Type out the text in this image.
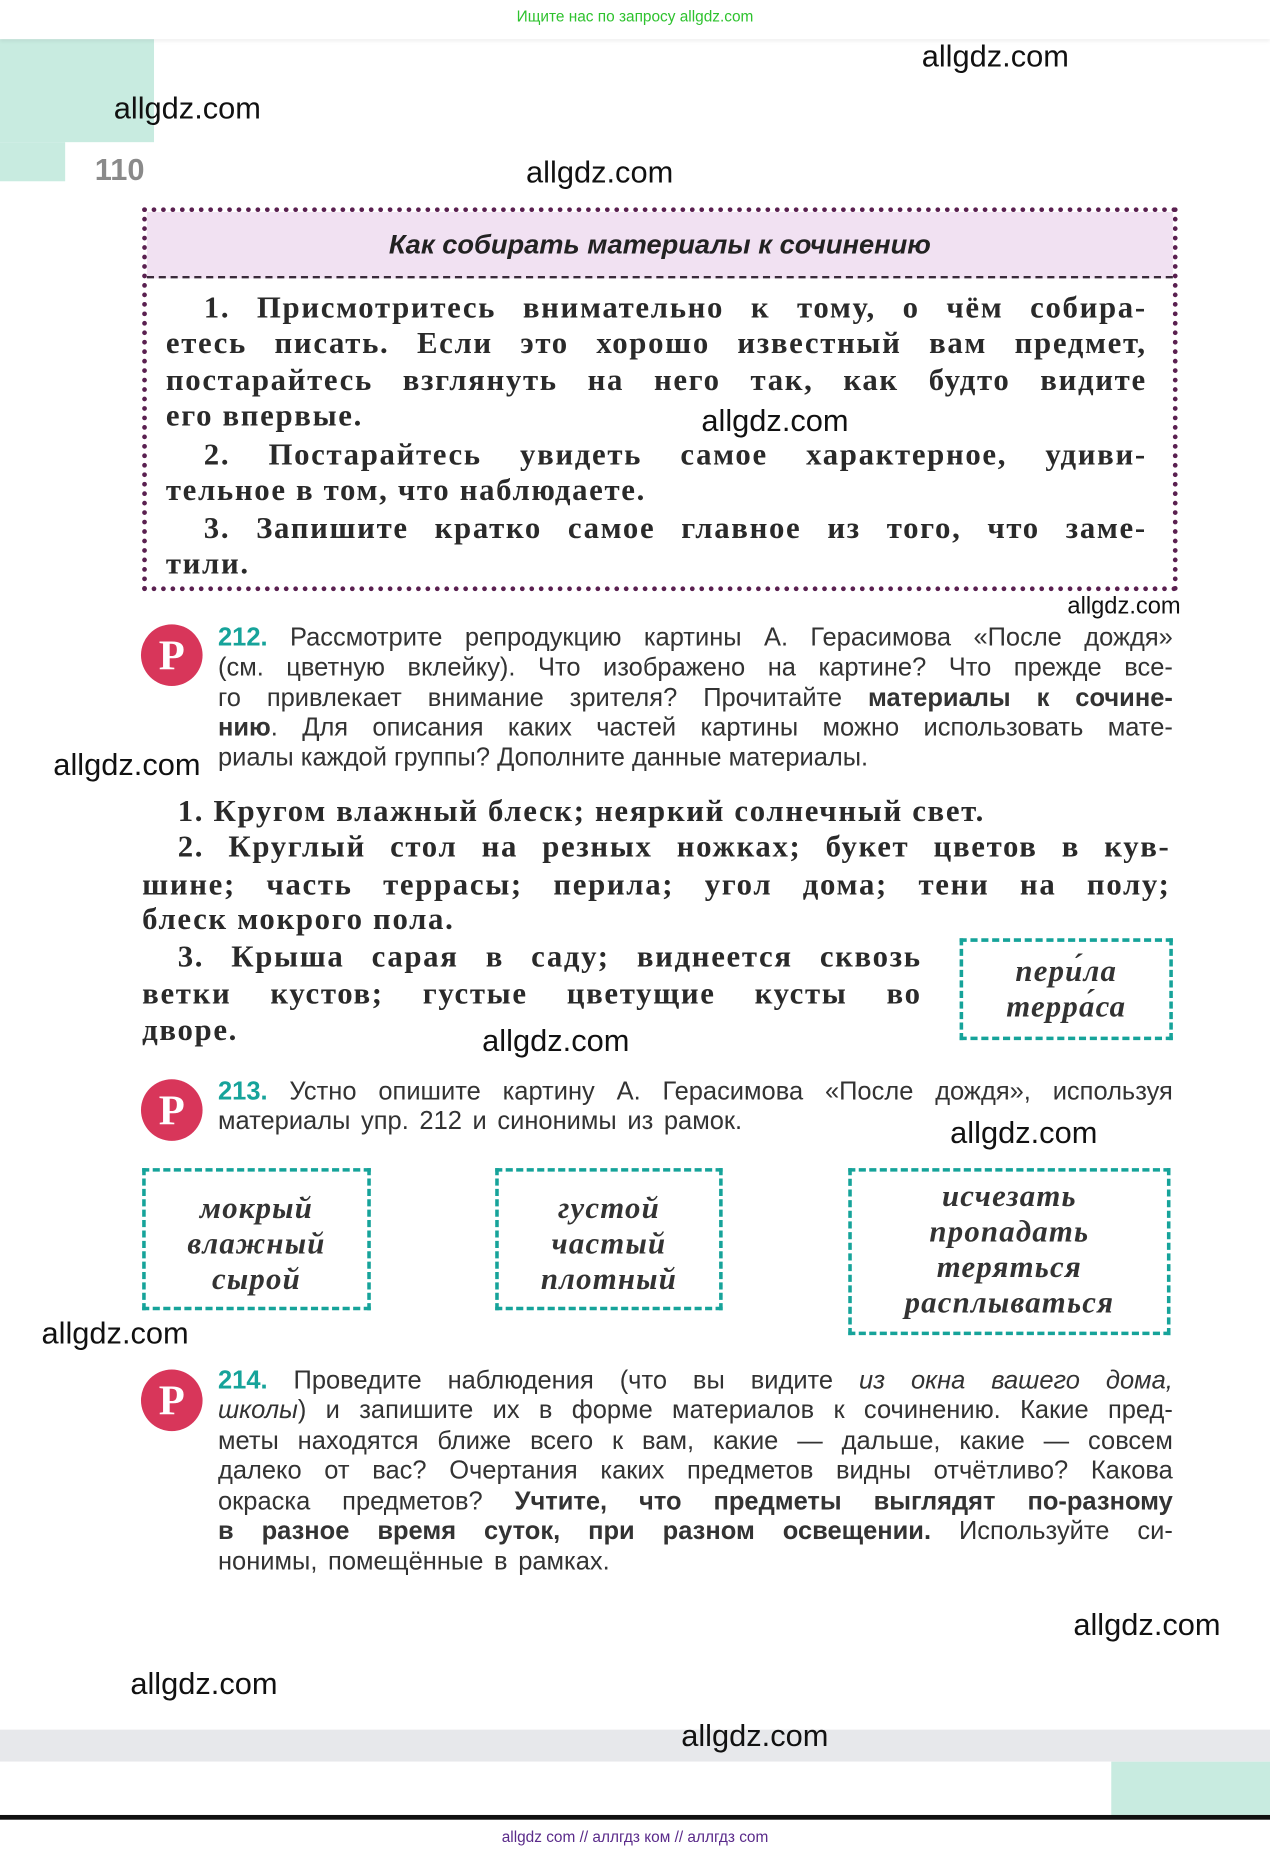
Ищите нас по запросу allgdz.com
110
Как собирать материалы к сочинению
1. Присмотритесь внимательно к тому, о чём собира-
етесь писать. Если это хорошо известный вам предмет,
постарайтесь взглянуть на него так, как будто видите
его впервые.
2. Постарайтесь увидеть самое характерное, удиви-
тельное в том, что наблюдаете.
3. Запишите кратко самое главное из того, что заме-
тили.
Р	212. Рассмотрите репродукцию картины А. Герасимова «После дождя»
(см. цветную вклейку). Что изображено на картине? Что прежде все-
го привлекает внимание зрителя? Прочитайте материалы к сочине-
нию. Для описания каких частей картины можно использовать мате-
риалы каждой группы? Дополните данные материалы.
1. Кругом влажный блеск; неяркий солнечный свет.
2. Круглый стол на резных ножках; букет цветов в кув-
шине; часть террасы; перила; угол дома; тени на полу;
блеск мокрого пола.
3. Крыша сарая в саду; виднеется сквозь
ветки кустов; густые цветущие кусты во
дворе.
пери́ла
терра́са
Р	213. Устно опишите картину А. Герасимова «После дождя», используя
материалы упр. 212 и синонимы из рамок.
мокрый
влажный
сырой
густой
частый
плотный
исчезать
пропадать
теряться
расплываться
Р	214. Проведите наблюдения (что вы видите из окна вашего дома,
школы) и запишите их в форме материалов к сочинению. Какие пред-
меты находятся ближе всего к вам, какие — дальше, какие — совсем
далеко от вас? Очертания каких предметов видны отчётливо? Какова
окраска предметов? Учтите, что предметы выглядят по-разному
в разное время суток, при разном освещении. Используйте си-
нонимы, помещённые в рамках.
allgdz com // аллгдз ком // аллгдз com
allgdz.com
allgdz.com
allgdz.com
allgdz.com
allgdz.com
allgdz.com
allgdz.com
allgdz.com
allgdz.com
allgdz.com
allgdz.com
allgdz.com
